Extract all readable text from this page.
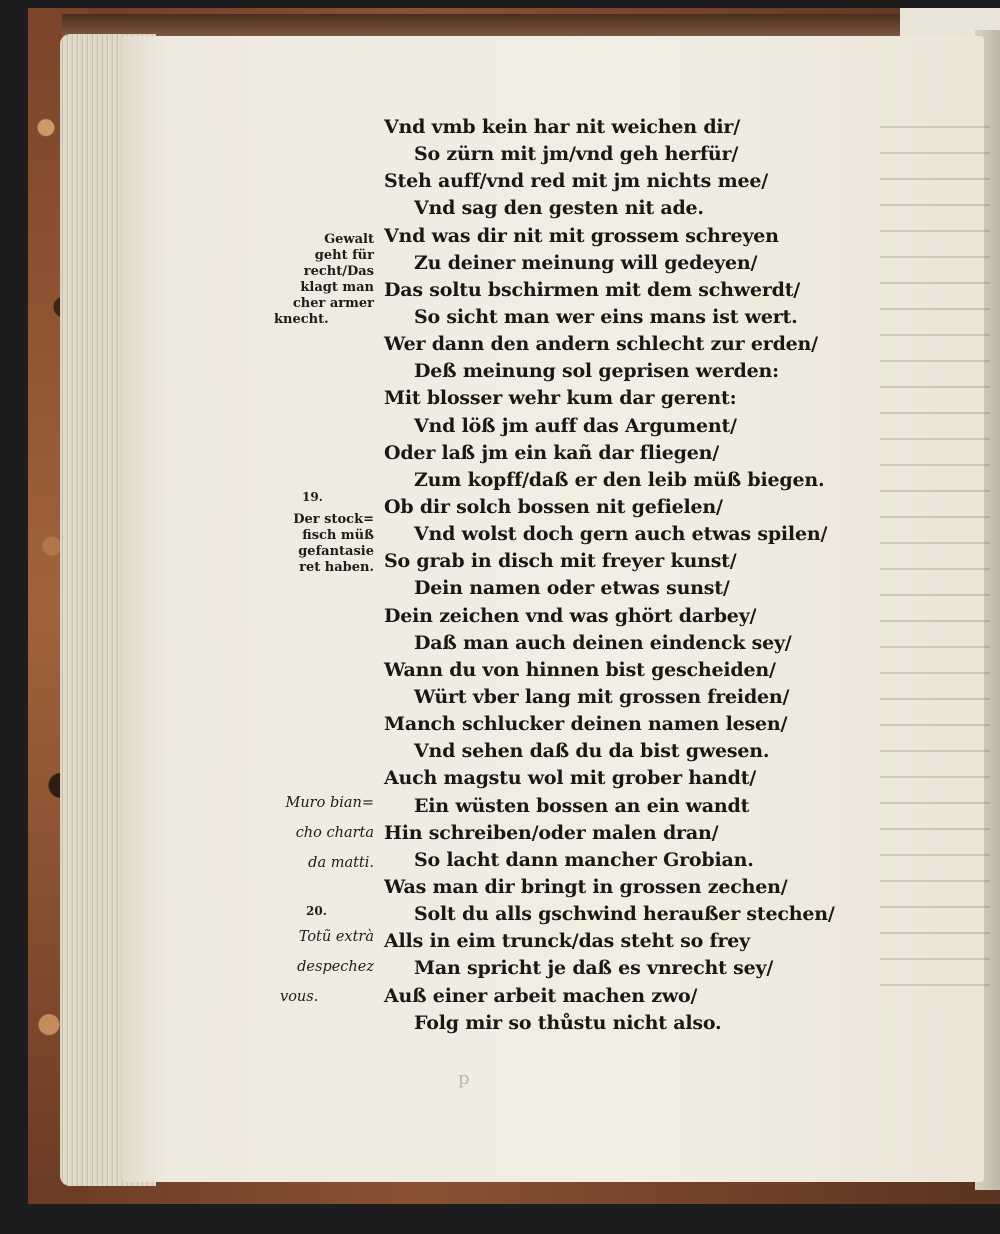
Gewalt
geht für
recht/Das
klagt man
cher armer
knecht.
19.
Der stock=
fisch müß
gefantasie
ret haben.
Muro bian=
cho charta
da matti.
20.
Totũ extrà
despechez
vous.
Vnd vmb kein har nit weichen dir/
So zürn mit jm/vnd geh herfür/
Steh auff/vnd red mit jm nichts mee/
Vnd sag den gesten nit ade.
Vnd was dir nit mit grossem schreyen
Zu deiner meinung will gedeyen/
Das soltu bschirmen mit dem schwerdt/
So sicht man wer eins mans ist wert.
Wer dann den andern schlecht zur erden/
Deß meinung sol geprisen werden:
Mit blosser wehr kum dar gerent:
Vnd löß jm auff das Argument/
Oder laß jm ein kañ dar fliegen/
Zum kopff/daß er den leib müß biegen.
Ob dir solch bossen nit gefielen/
Vnd wolst doch gern auch etwas spilen/
So grab in disch mit freyer kunst/
Dein namen oder etwas sunst/
Dein zeichen vnd was ghört darbey/
Daß man auch deinen eindenck sey/
Wann du von hinnen bist gescheiden/
Würt vber lang mit grossen freiden/
Manch schlucker deinen namen lesen/
Vnd sehen daß du da bist gwesen.
Auch magstu wol mit grober handt/
Ein wüsten bossen an ein wandt
Hin schreiben/oder malen dran/
So lacht dann mancher Grobian.
Was man dir bringt in grossen zechen/
Solt du alls gschwind heraußer stechen/
Alls in eim trunck/das steht so frey
Man spricht je daß es vnrecht sey/
Auß einer arbeit machen zwo/
Folg mir so thůstu nicht also.
p
